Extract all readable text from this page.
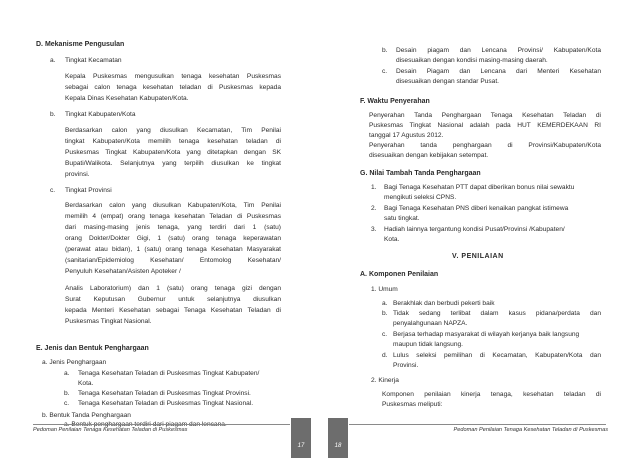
D. Mekanisme Pengusulan
a. Tingkat Kecamatan
Kepala Puskesmas mengusulkan tenaga kesehatan Puskesmas
sebagai calon tenaga kesehatan teladan di Puskesmas kepada
Kepala Dinas Kesehatan Kabupaten/Kota.
b. Tingkat Kabupaten/Kota
Berdasarkan calon yang diusulkan Kecamatan, Tim Penilai
tingkat Kabupaten/Kota memilih tenaga kesehatan teladan di
Puskesmas Tingkat Kabupaten/Kota yang ditetapkan dengan SK
Bupati/Walikota. Selanjutnya yang terpilih diusulkan ke tingkat
provinsi.
c. Tingkat Provinsi
Berdasarkan calon yang diusulkan Kabupaten/Kota, Tim Penilai
memilih 4 (empat) orang tenaga kesehatan Teladan di Puskesmas
dari masing-masing jenis tenaga, yang terdiri dari 1 (satu)
orang Dokter/Dokter Gigi, 1 (satu) orang tenaga keperawatan
(perawat atau bidan), 1 (satu) orang tenaga Kesehatan Masyarakat
(sanitarian/Epidemiolog Kesehatan/ Entomolog Kesehatan/
Penyuluh Kesehatan/Asisten Apoteker /
Analis Laboratorium) dan 1 (satu) orang tenaga gizi dengan
Surat Keputusan Gubernur untuk selanjutnya diusulkan
kepada Menteri Kesehatan sebagai Tenaga Kesehatan Teladan di
Puskesmas Tingkat Nasional.
E. Jenis dan Bentuk Penghargaan
a. Jenis Penghargaan
a. Tenaga Kesehatan Teladan di Puskesmas Tingkat Kabupaten/
Kota.
b. Tenaga Kesehatan Teladan di Puskesmas Tingkat Provinsi.
c. Tenaga Kesehatan Teladan di Puskesmas Tingkat Nasional.
b. Bentuk Tanda Penghargaan
Pedoman Penilaian Tenaga Kesehatan Teladan di Puskesmas
17	18
b. Desain piagam dan Lencana Provinsi/ Kabupaten/Kota
disesuaikan dengan kondisi masing-masing daerah.
c. Desain Piagam dan Lencana dari Menteri Kesehatan
disesuaikan dengan standar Pusat.
F. Waktu Penyerahan
Penyerahan Tanda Penghargaan Tenaga Kesehatan Teladan di
Puskesmas Tingkat Nasional adalah pada HUT KEMERDEKAAN RI
tanggal 17 Agustus 2012.
Penyerahan tanda penghargaan di Provinsi/Kabupaten/Kota
disesuaikan dengan kebijakan setempat.
G. Nilai Tambah Tanda Penghargaan
1. Bagi Tenaga Kesehatan PTT dapat diberikan bonus nilai sewaktu
mengikuti seleksi CPNS.
2. Bagi Tenaga Kesehatan PNS diberi kenaikan pangkat istimewa
satu tingkat.
3. Hadiah lainnya tergantung kondisi Pusat/Provinsi /Kabupaten/
Kota.
V. PENILAIAN
A. Komponen Penilaian
1. Umum
a. Berakhlak dan berbudi pekerti baik
b. Tidak sedang terlibat dalam kasus pidana/perdata dan
penyalahgunaan NAPZA.
c. Berjasa terhadap masyarakat di wilayah kerjanya baik langsung
maupun tidak langsung.
d. Lulus seleksi pemilihan di Kecamatan, Kabupaten/Kota dan
Provinsi.
2. Kinerja
Komponen penilaian kinerja tenaga, kesehatan teladan di
Puskesmas meliputi:
Pedoman Penilaian Tenaga Kesehatan Teladan di Puskesmas
